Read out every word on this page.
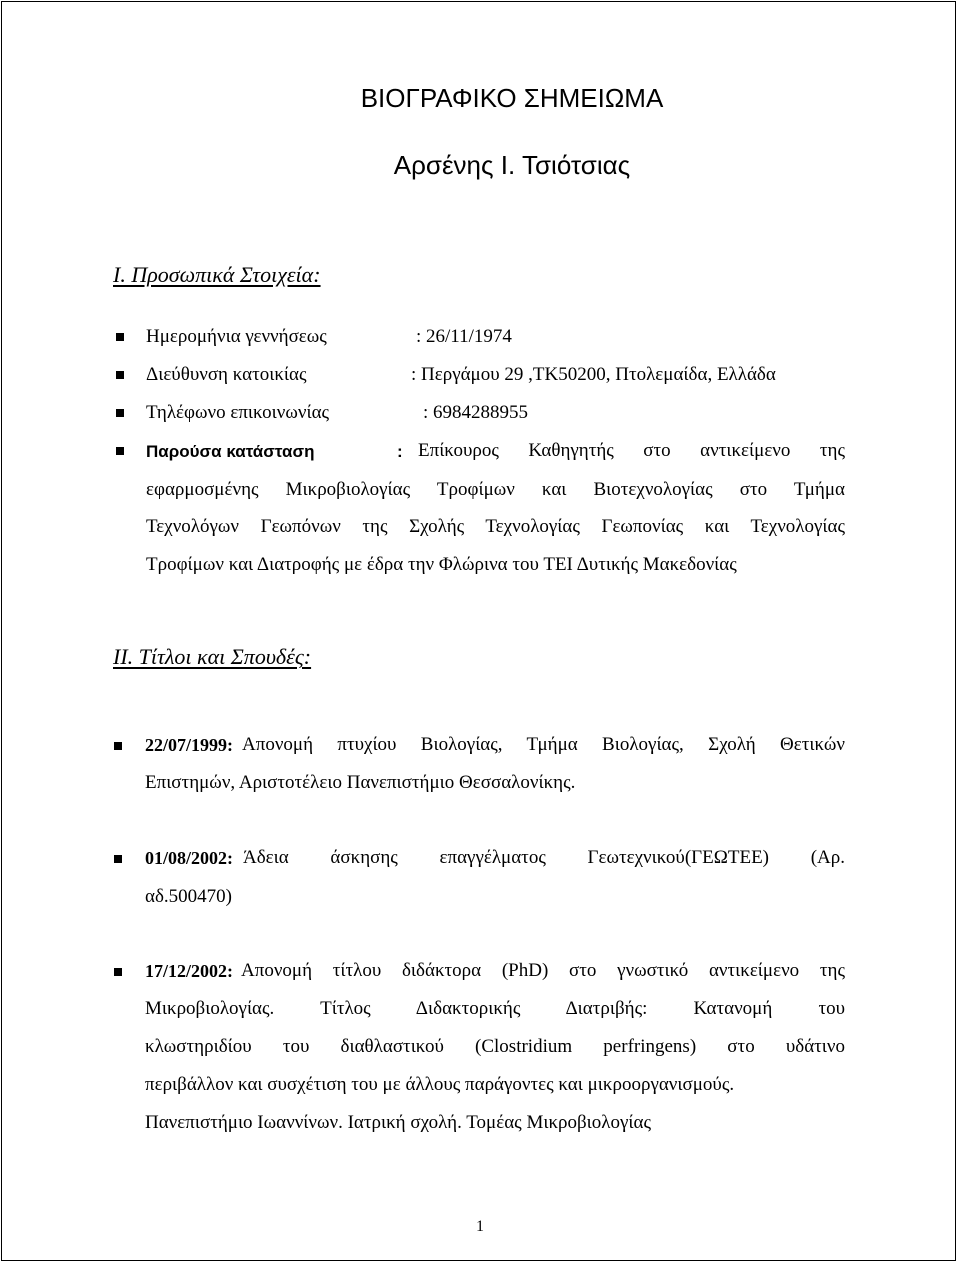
ΒΙΟΓΡΑΦΙΚΟ ΣΗΜΕΙΩΜΑ
Αρσένης Ι. Τσιότσιας
Ι. Προσωπικά Στοιχεία:
Ημερομήνια γεννήσεως	: 26/11/1974
Διεύθυνση κατοικίας	: Περγάμου 29 ,ΤΚ50200, Πτολεμαίδα, Ελλάδα
Τηλέφωνο επικοινωνίας	: 6984288955
Παρούσα κατάσταση	: Επίκουρος Καθηγητής στο αντικείμενο της
εφαρμοσμένης Μικροβιολογίας Τροφίμων και Βιοτεχνολογίας στο Τμήμα
Τεχνολόγων Γεωπόνων της Σχολής Τεχνολογίας Γεωπονίας και Τεχνολογίας
Τροφίμων και Διατροφής με έδρα την Φλώρινα του ΤΕΙ Δυτικής Μακεδονίας
ΙΙ. Τίτλοι και Σπουδές:
22/07/1999: Απονομή πτυχίου Βιολογίας, Τμήμα Βιολογίας, Σχολή Θετικών
Επιστημών, Αριστοτέλειο Πανεπιστήμιο Θεσσαλονίκης.
01/08/2002: Άδεια άσκησης επαγγέλματος Γεωτεχνικού(ΓΕΩΤΕΕ) (Αρ.
αδ.500470)
17/12/2002: Απονομή τίτλου διδάκτορα (PhD) στο γνωστικό αντικείμενο της
Μικροβιολογίας. Τίτλος Διδακτορικής Διατριβής: Κατανομή του
κλωστηριδίου του διαθλαστικού (Clostridium perfringens) στο υδάτινο
περιβάλλον και συσχέτιση του με άλλους παράγοντες και μικροοργανισμούς.
Πανεπιστήμιο Ιωαννίνων. Ιατρική σχολή. Τομέας Μικροβιολογίας
1
